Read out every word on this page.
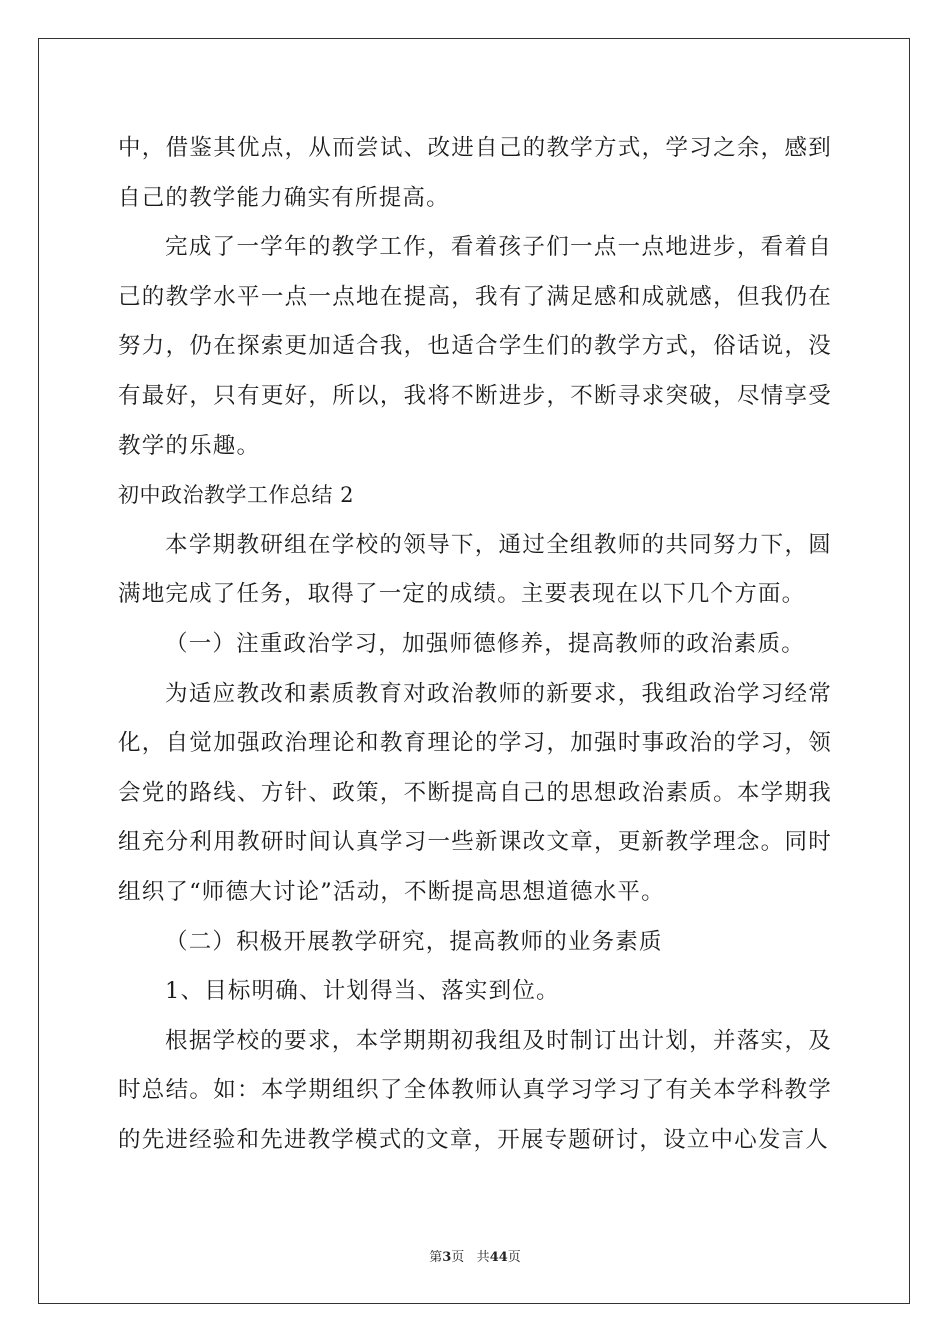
中，借鉴其优点，从而尝试、改进自己的教学方式，学习之余，感到自己的教学能力确实有所提高。

完成了一学年的教学工作，看着孩子们一点一点地进步，看着自己的教学水平一点一点地在提高，我有了满足感和成就感，但我仍在努力，仍在探索更加适合我，也适合学生们的教学方式，俗话说，没有最好，只有更好，所以，我将不断进步，不断寻求突破，尽情享受教学的乐趣。

初中政治教学工作总结 2

本学期教研组在学校的领导下，通过全组教师的共同努力下，圆满地完成了任务，取得了一定的成绩。主要表现在以下几个方面。

（一）注重政治学习，加强师德修养，提高教师的政治素质。

为适应教改和素质教育对政治教师的新要求，我组政治学习经常化，自觉加强政治理论和教育理论的学习，加强时事政治的学习，领会党的路线、方针、政策，不断提高自己的思想政治素质。本学期我组充分利用教研时间认真学习一些新课改文章，更新教学理念。同时组织了“师德大讨论”活动，不断提高思想道德水平。

（二）积极开展教学研究，提高教师的业务素质

1、目标明确、计划得当、落实到位。

根据学校的要求，本学期期初我组及时制订出计划，并落实，及时总结。如：本学期组织了全体教师认真学习学习了有关本学科教学的先进经验和先进教学模式的文章，开展专题研讨，设立中心发言人

第3页 共44页
